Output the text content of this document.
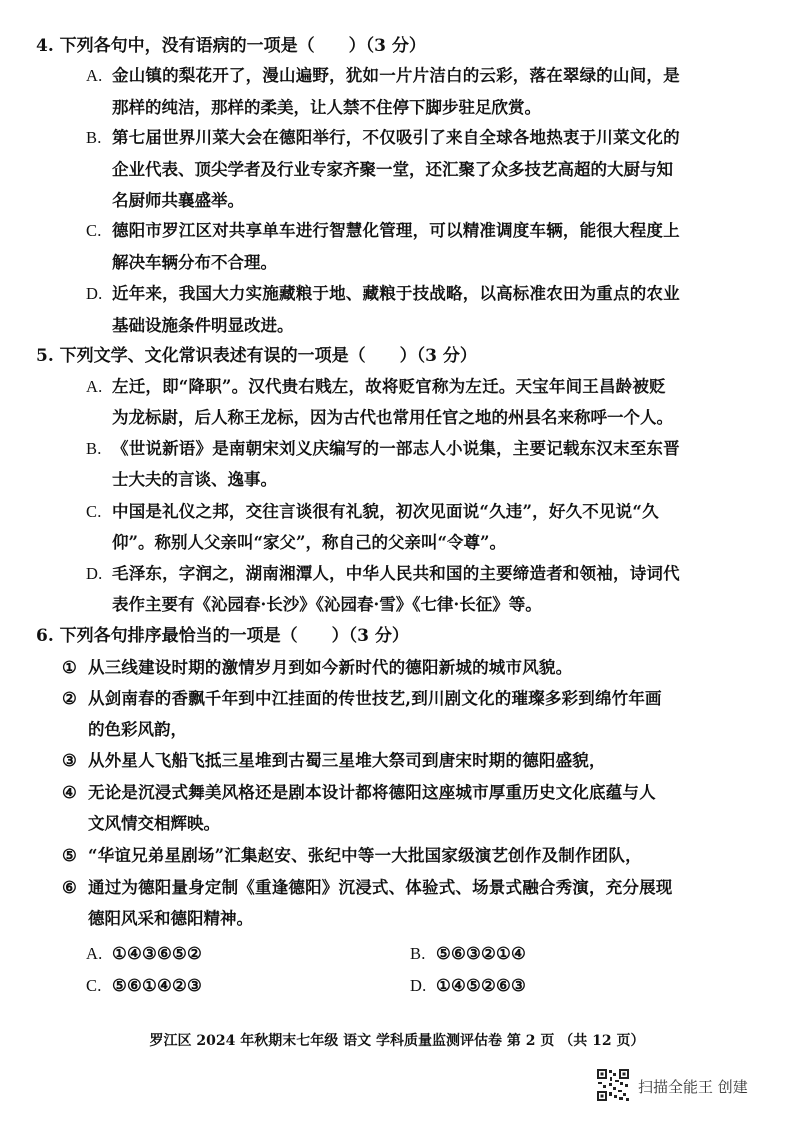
4. 下列各句中，没有语病的一项是（　　）（3 分）
A. 金山镇的梨花开了，漫山遍野，犹如一片片洁白的云彩，落在翠绿的山间，是
那样的纯洁，那样的柔美，让人禁不住停下脚步驻足欣赏。
B. 第七届世界川菜大会在德阳举行，不仅吸引了来自全球各地热衷于川菜文化的
企业代表、顶尖学者及行业专家齐聚一堂，还汇聚了众多技艺高超的大厨与知
名厨师共襄盛举。
C. 德阳市罗江区对共享单车进行智慧化管理，可以精准调度车辆，能很大程度上
解决车辆分布不合理。
D. 近年来，我国大力实施藏粮于地、藏粮于技战略，以高标准农田为重点的农业
基础设施条件明显改进。
5. 下列文学、文化常识表述有误的一项是（　　）（3 分）
A. 左迁，即“降职”。汉代贵右贱左，故将贬官称为左迁。天宝年间王昌龄被贬
为龙标尉，后人称王龙标，因为古代也常用任官之地的州县名来称呼一个人。
B. 《世说新语》是南朝宋刘义庆编写的一部志人小说集，主要记载东汉末至东晋
士大夫的言谈、逸事。
C. 中国是礼仪之邦，交往言谈很有礼貌，初次见面说“久违”，好久不见说“久
仰”。称别人父亲叫“家父”，称自己的父亲叫“令尊”。
D. 毛泽东，字润之，湖南湘潭人，中华人民共和国的主要缔造者和领袖，诗词代
表作主要有《沁园春·长沙》《沁园春·雪》《七律·长征》等。
6. 下列各句排序最恰当的一项是（　　）（3 分）
① 从三线建设时期的激情岁月到如今新时代的德阳新城的城市风貌。
② 从剑南春的香飘千年到中江挂面的传世技艺,到川剧文化的璀璨多彩到绵竹年画
的色彩风韵，
③ 从外星人飞船飞抵三星堆到古蜀三星堆大祭司到唐宋时期的德阳盛貌，
④ 无论是沉浸式舞美风格还是剧本设计都将德阳这座城市厚重历史文化底蕴与人
文风情交相辉映。
⑤ “华谊兄弟星剧场”汇集赵安、张纪中等一大批国家级演艺创作及制作团队，
⑥ 通过为德阳量身定制《重逢德阳》沉浸式、体验式、场景式融合秀演，充分展现
德阳风采和德阳精神。
A. ①④③⑥⑤②	B. ⑤⑥③②①④
C. ⑤⑥①④②③	D. ①④⑤②⑥③
罗江区 2024 年秋期末七年级 语文 学科质量监测评估卷 第 2 页 （共 12 页）
扫描全能王 创建
